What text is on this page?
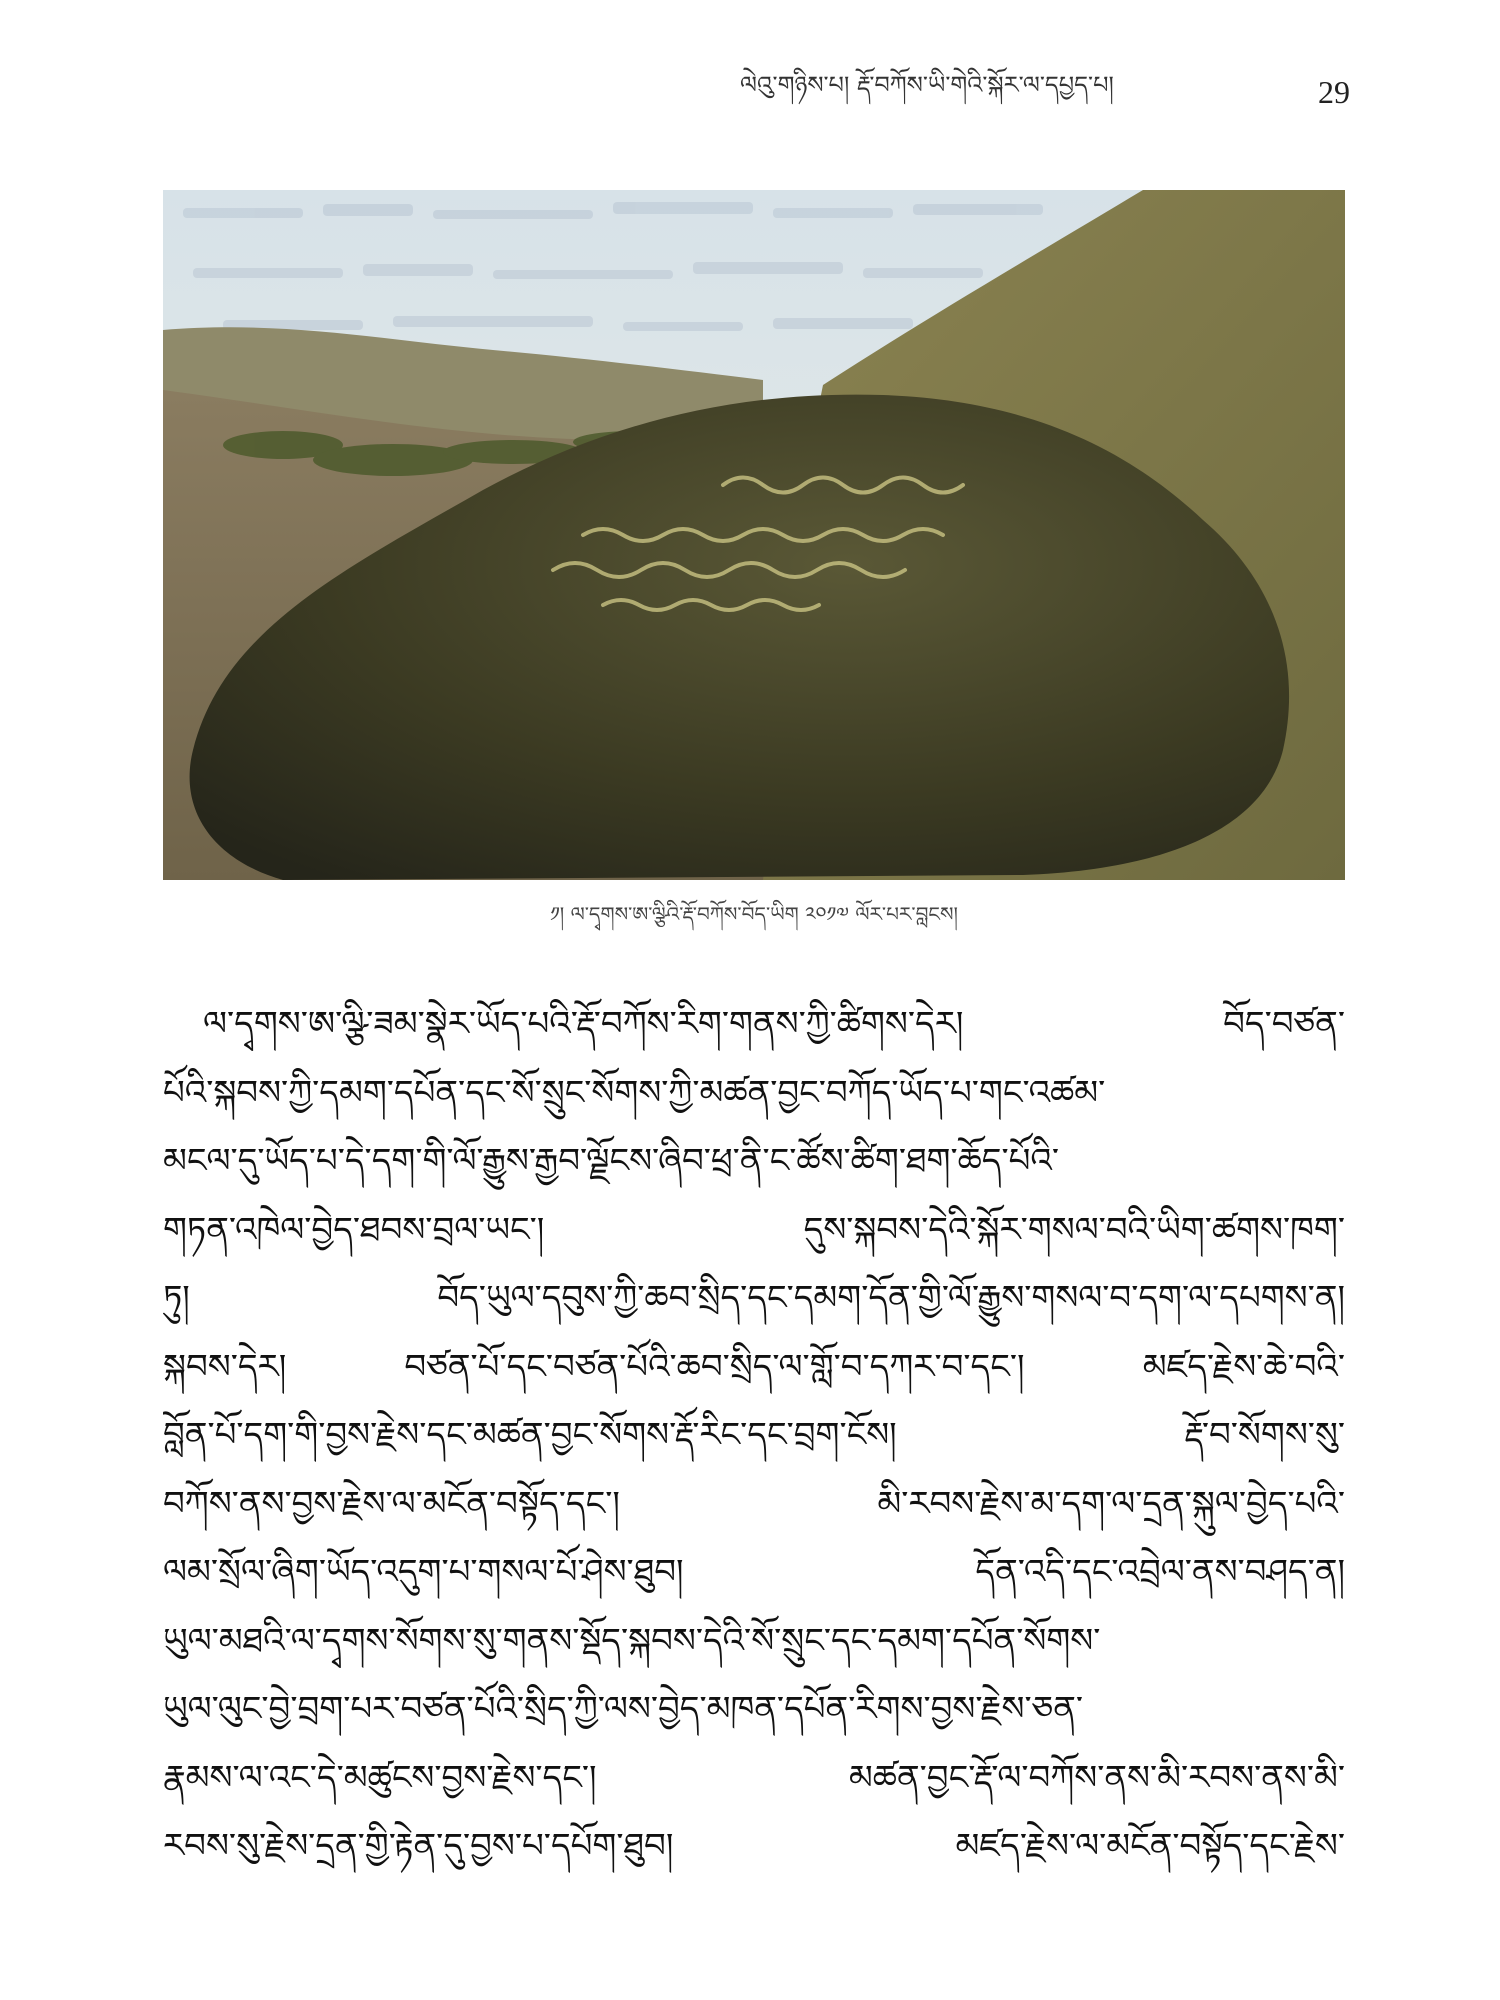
ལེའུ་གཉིས་པ། རྡོ་བཀོས་ཡི་གེའི་སྐོར་ལ་དཔྱད་པ།	29
༡། ལ་དྭགས་ཨ་ལྩིའི་རྡོ་བཀོས་བོད་ཡིག ༢༠༡༧ ལོར་པར་བླངས།
ལ་དྭགས་ཨ་ལྩི་ཟམ་སྣེར་ཡོད་པའི་རྡོ་བཀོས་རིག་གནས་ཀྱི་ཚིགས་དེར། བོད་བཙན་
པོའི་སྐབས་ཀྱི་དམག་དཔོན་དང་སོ་སྲུང་སོགས་ཀྱི་མཚན་བྱང་བཀོད་ཡོད་པ་གང་འཚམ་
མངལ་དུ་ཡོད་པ་དེ་དག་གི་ལོ་རྒྱུས་རྒྱབ་ལྗོངས་ཞིབ་ཕྲ་ནི་ང་ཚོས་ཚིག་ཐག་ཆོད་པོའི་
གཏན་འཁེལ་བྱེད་ཐབས་བྲལ་ཡང་། དུས་སྐབས་དེའི་སྐོར་གསལ་བའི་ཡིག་ཚགས་ཁག་
ཏུ། བོད་ཡུལ་དབུས་ཀྱི་ཆབ་སྲིད་དང་དམག་དོན་གྱི་ལོ་རྒྱུས་གསལ་བ་དག་ལ་དཔགས་ན།
སྐབས་དེར། བཙན་པོ་དང་བཙན་པོའི་ཆབ་སྲིད་ལ་གློ་བ་དཀར་བ་དང་། མཛད་རྗེས་ཆེ་བའི་
བློན་པོ་དག་གི་བྱས་རྗེས་དང་མཚན་བྱང་སོགས་རྡོ་རིང་དང་བྲག་ངོས། རྡོ་བ་སོགས་སུ་
བཀོས་ནས་བྱས་རྗེས་ལ་མངོན་བསྟོད་དང་། མི་རབས་རྗེས་མ་དག་ལ་དྲན་སྐུལ་བྱེད་པའི་
ལམ་སྲོལ་ཞིག་ཡོད་འདུག་པ་གསལ་པོ་ཤེས་ཐུབ། དོན་འདི་དང་འབྲེལ་ནས་བཤད་ན།
ཡུལ་མཐའི་ལ་དྭགས་སོགས་སུ་གནས་སྡོད་སྐབས་དེའི་སོ་སྲུང་དང་དམག་དཔོན་སོགས་
ཡུལ་ལུང་བྱེ་བྲག་པར་བཙན་པོའི་སྲིད་ཀྱི་ལས་བྱེད་མཁན་དཔོན་རིགས་བྱས་རྗེས་ཅན་
རྣམས་ལ་འང་དེ་མཚུངས་བྱས་རྗེས་དང་། མཚན་བྱང་རྡོ་ལ་བཀོས་ནས་མི་རབས་ནས་མི་
རབས་སུ་རྗེས་དྲན་གྱི་རྟེན་དུ་བྱས་པ་དཔོག་ཐུབ། མཛད་རྗེས་ལ་མངོན་བསྟོད་དང་རྗེས་
